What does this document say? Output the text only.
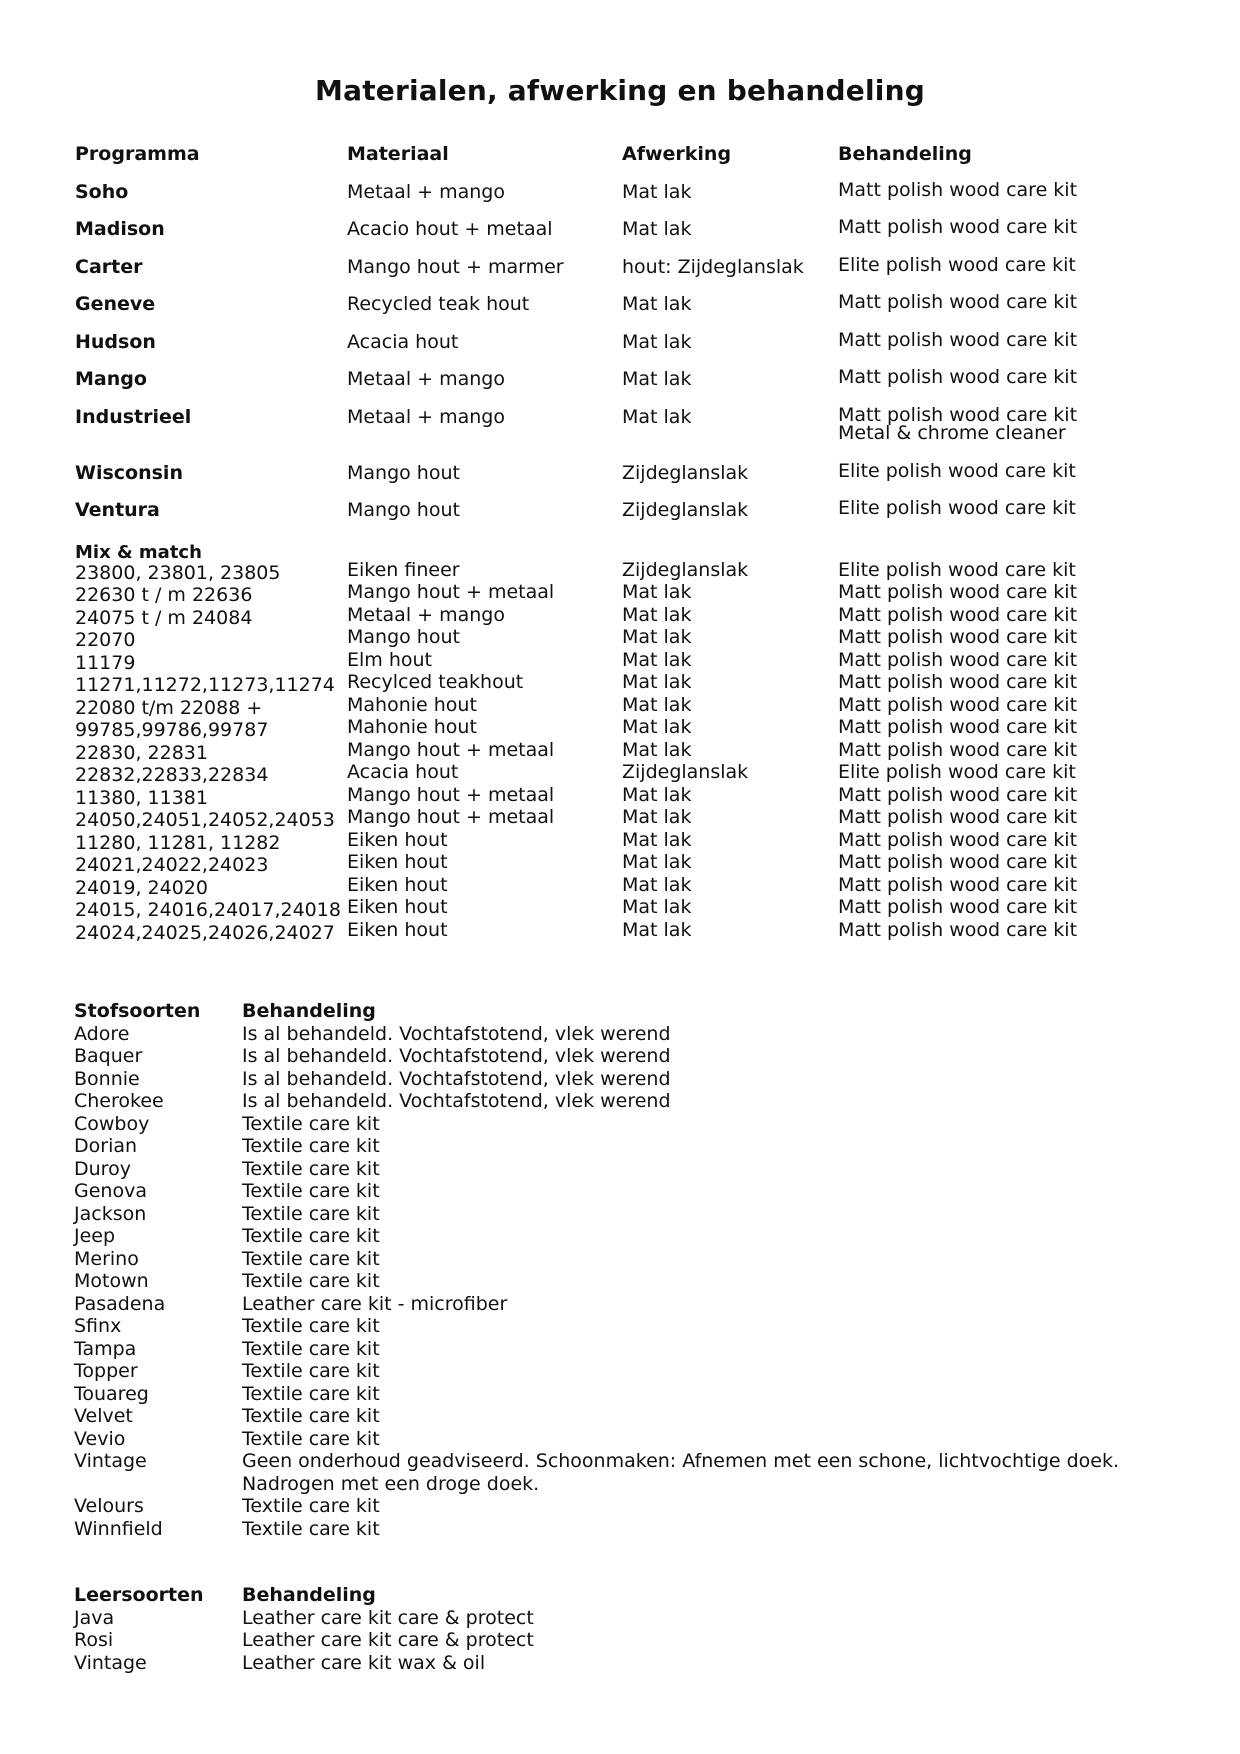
Materialen, afwerking en behandeling
Programma	Materiaal	Afwerking	Behandeling
Soho	Metaal + mango	Mat lak	Matt polish wood care kit
Madison	Acacio hout + metaal	Mat lak	Matt polish wood care kit
Carter	Mango hout + marmer	hout: Zijdeglanslak	Elite polish wood care kit
Geneve	Recycled teak hout	Mat lak	Matt polish wood care kit
Hudson	Acacia hout	Mat lak	Matt polish wood care kit
Mango	Metaal + mango	Mat lak	Matt polish wood care kit
Industrieel	Metaal + mango	Mat lak	Matt polish wood care kit
Metal & chrome cleaner
Wisconsin	Mango hout	Zijdeglanslak	Elite polish wood care kit
Ventura	Mango hout	Zijdeglanslak	Elite polish wood care kit
Mix & match
23800, 23801, 23805	Eiken fineer	Zijdeglanslak	Elite polish wood care kit
22630 t / m 22636	Mango hout + metaal	Mat lak	Matt polish wood care kit
24075 t / m 24084	Metaal + mango	Mat lak	Matt polish wood care kit
22070	Mango hout	Mat lak	Matt polish wood care kit
11179	Elm hout	Mat lak	Matt polish wood care kit
11271,11272,11273,11274 Recylced teakhout	Mat lak	Matt polish wood care kit
22080 t/m 22088 +	Mahonie hout	Mat lak	Matt polish wood care kit
99785,99786,99787	Mahonie hout	Mat lak	Matt polish wood care kit
22830, 22831	Mango hout + metaal	Mat lak	Matt polish wood care kit
22832,22833,22834	Acacia hout	Zijdeglanslak	Elite polish wood care kit
11380, 11381	Mango hout + metaal	Mat lak	Matt polish wood care kit
24050,24051,24052,24053 Mango hout + metaal	Mat lak	Matt polish wood care kit
11280, 11281, 11282	Eiken hout	Mat lak	Matt polish wood care kit
24021,24022,24023	Eiken hout	Mat lak	Matt polish wood care kit
24019, 24020	Eiken hout	Mat lak	Matt polish wood care kit
24015, 24016,24017,24018 Eiken hout	Mat lak	Matt polish wood care kit
24024,24025,24026,24027 Eiken hout	Mat lak	Matt polish wood care kit
Stofsoorten	Behandeling
Adore	Is al behandeld. Vochtafstotend, vlek werend
Baquer	Is al behandeld. Vochtafstotend, vlek werend
Bonnie	Is al behandeld. Vochtafstotend, vlek werend
Cherokee	Is al behandeld. Vochtafstotend, vlek werend
Cowboy	Textile care kit
Dorian	Textile care kit
Duroy	Textile care kit
Genova	Textile care kit
Jackson	Textile care kit
Jeep	Textile care kit
Merino	Textile care kit
Motown	Textile care kit
Pasadena	Leather care kit - microfiber
Sfinx	Textile care kit
Tampa	Textile care kit
Topper	Textile care kit
Touareg	Textile care kit
Velvet	Textile care kit
Vevio	Textile care kit
Vintage	Geen onderhoud geadviseerd. Schoonmaken: Afnemen met een schone, lichtvochtige doek.
Nadrogen met een droge doek.
Velours	Textile care kit
Winnfield	Textile care kit
Leersoorten	Behandeling
Java	Leather care kit care & protect
Rosi	Leather care kit care & protect
Vintage	Leather care kit wax & oil
